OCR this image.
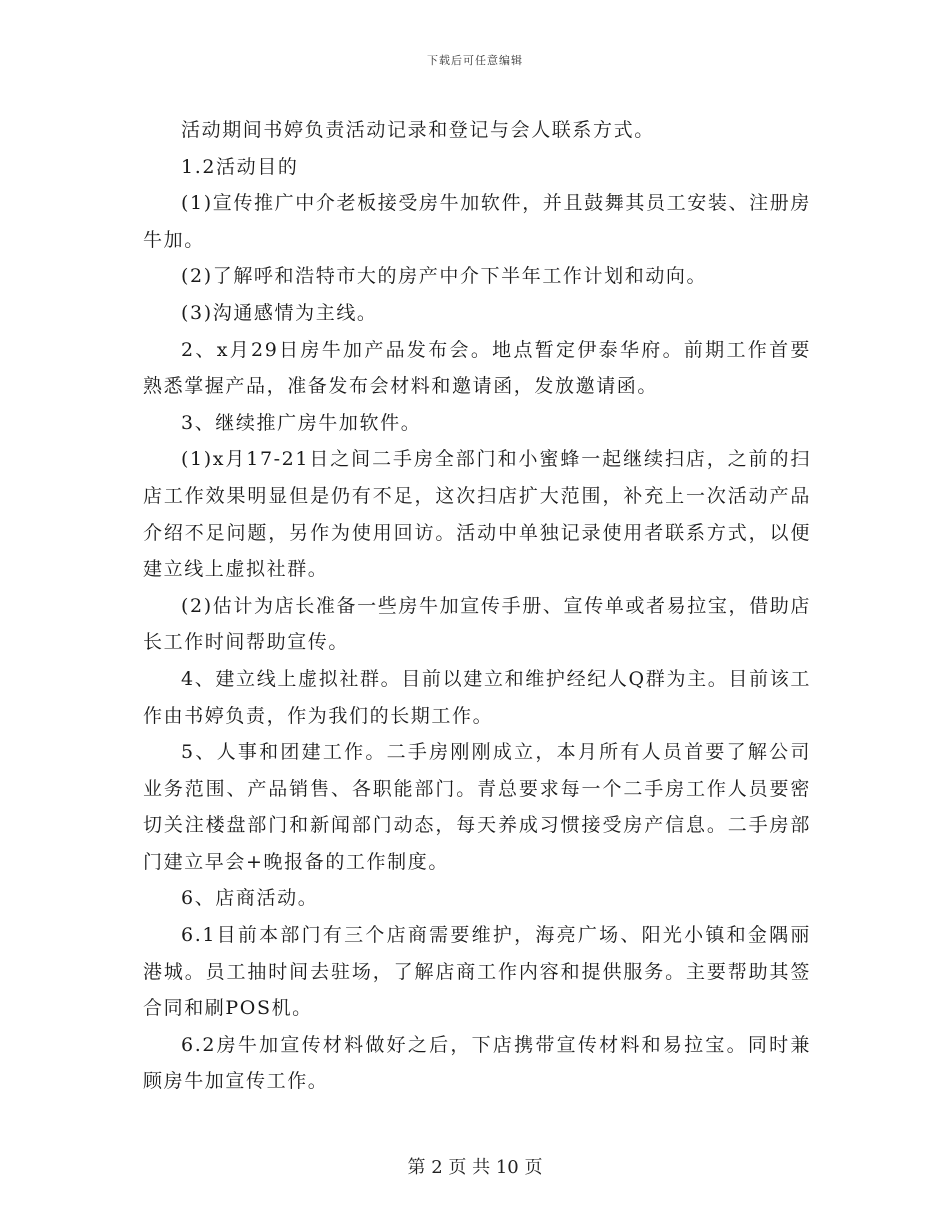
下载后可任意编辑

活动期间书婷负责活动记录和登记与会人联系方式。

1.2活动目的

(1)宣传推广中介老板接受房牛加软件，并且鼓舞其员工安装、注册房牛加。

(2)了解呼和浩特市大的房产中介下半年工作计划和动向。

(3)沟通感情为主线。

2、x月29日房牛加产品发布会。地点暂定伊泰华府。前期工作首要熟悉掌握产品，准备发布会材料和邀请函，发放邀请函。

3、继续推广房牛加软件。

(1)x月17-21日之间二手房全部门和小蜜蜂一起继续扫店，之前的扫店工作效果明显但是仍有不足，这次扫店扩大范围，补充上一次活动产品介绍不足问题，另作为使用回访。活动中单独记录使用者联系方式，以便建立线上虚拟社群。

(2)估计为店长准备一些房牛加宣传手册、宣传单或者易拉宝，借助店长工作时间帮助宣传。

4、建立线上虚拟社群。目前以建立和维护经纪人Q群为主。目前该工作由书婷负责，作为我们的长期工作。

5、人事和团建工作。二手房刚刚成立，本月所有人员首要了解公司业务范围、产品销售、各职能部门。青总要求每一个二手房工作人员要密切关注楼盘部门和新闻部门动态，每天养成习惯接受房产信息。二手房部门建立早会+晚报备的工作制度。

6、店商活动。

6.1目前本部门有三个店商需要维护，海亮广场、阳光小镇和金隅丽港城。员工抽时间去驻场，了解店商工作内容和提供服务。主要帮助其签合同和刷POS机。

6.2房牛加宣传材料做好之后，下店携带宣传材料和易拉宝。同时兼顾房牛加宣传工作。

第 2 页 共 10 页
